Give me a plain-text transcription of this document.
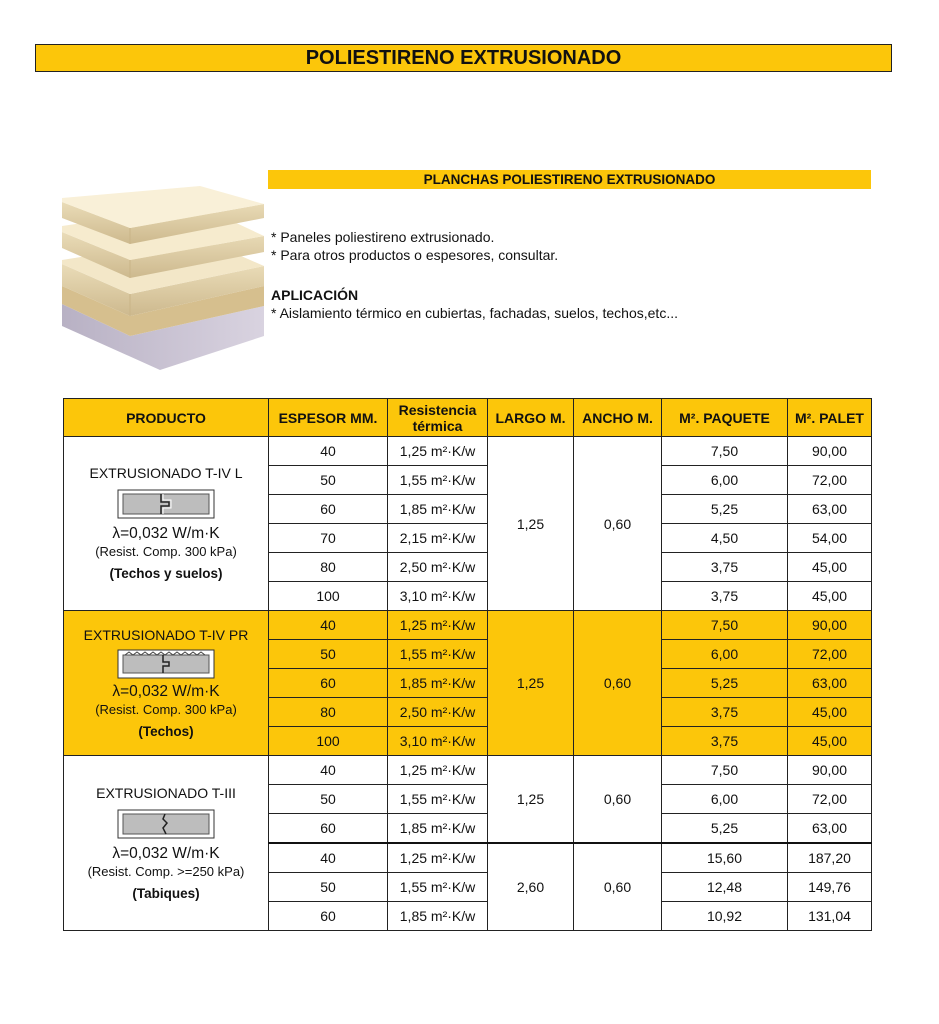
POLIESTIRENO EXTRUSIONADO
PLANCHAS POLIESTIRENO EXTRUSIONADO
* Paneles poliestireno extrusionado.
* Para otros productos o espesores, consultar.
APLICACIÓN
* Aislamiento térmico en cubiertas, fachadas, suelos, techos,etc...
PRODUCTO	ESPESOR MM.	Resistencia
térmica	LARGO M.	ANCHO M.	M². PAQUETE	M². PALET

EXTRUSIONADO T-IV L
λ=0,032 W/m·K
(Resist. Comp. 300 kPa)
(Techos y suelos)	40	1,25 m²·K/w	1,25	0,60	7,50	90,00
	50	1,55 m²·K/w			6,00	72,00
	60	1,85 m²·K/w			5,25	63,00
	70	2,15 m²·K/w			4,50	54,00
	80	2,50 m²·K/w			3,75	45,00
	100	3,10 m²·K/w			3,75	45,00

EXTRUSIONADO T-IV PR
λ=0,032 W/m·K
(Resist. Comp. 300 kPa)
(Techos)	40	1,25 m²·K/w	1,25	0,60	7,50	90,00
	50	1,55 m²·K/w			6,00	72,00
	60	1,85 m²·K/w			5,25	63,00
	80	2,50 m²·K/w			3,75	45,00
	100	3,10 m²·K/w			3,75	45,00

EXTRUSIONADO T-III
λ=0,032 W/m·K
(Resist. Comp. >=250 kPa)
(Tabiques)	40	1,25 m²·K/w	1,25	0,60	7,50	90,00
	50	1,55 m²·K/w			6,00	72,00
	60	1,85 m²·K/w			5,25	63,00
	40	1,25 m²·K/w	2,60	0,60	15,60	187,20
	50	1,55 m²·K/w			12,48	149,76
	60	1,85 m²·K/w			10,92	131,04
